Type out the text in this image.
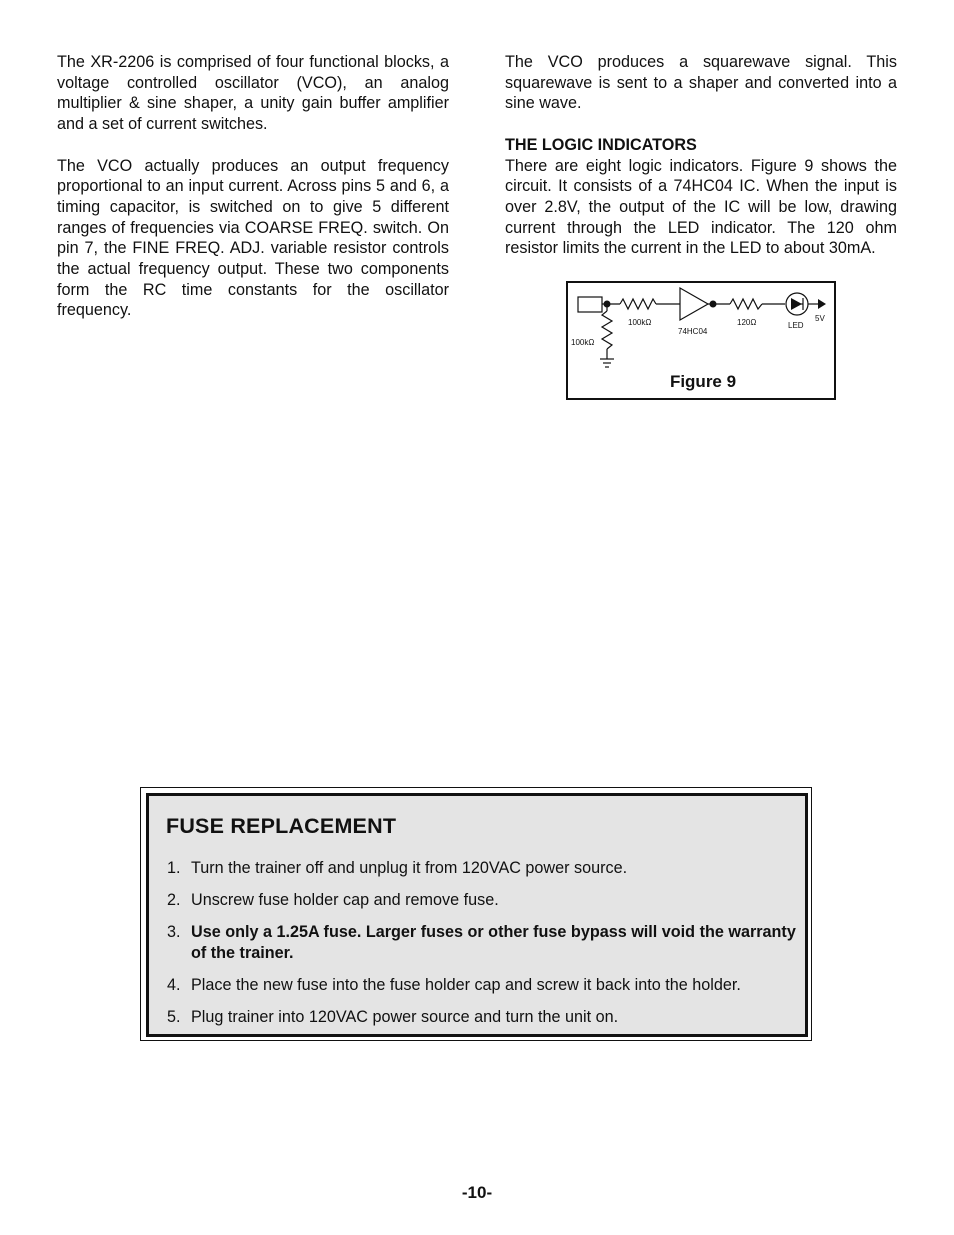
The XR-2206 is comprised of four functional blocks, a voltage controlled oscillator (VCO), an analog multiplier & sine shaper, a unity gain buffer amplifier and a set of current switches.

The VCO actually produces an output frequency proportional to an input current. Across pins 5 and 6, a timing capacitor, is switched on to give 5 different ranges of frequencies via COARSE FREQ. switch. On pin 7, the FINE FREQ. ADJ. variable resistor controls the actual frequency output. These two components form the RC time constants for the oscillator frequency.

The VCO produces a squarewave signal. This squarewave is sent to a shaper and converted into a sine wave.

THE LOGIC INDICATORS
There are eight logic indicators. Figure 9 shows the circuit. It consists of a 74HC04 IC. When the input is over 2.8V, the output of the IC will be low, drawing current through the LED indicator. The 120 ohm resistor limits the current in the LED to about 30mA.
100kΩ
100kΩ
74HC04
120Ω	LED
5V
Figure 9
FUSE REPLACEMENT
1. Turn the trainer off and unplug it from 120VAC power source.
2. Unscrew fuse holder cap and remove fuse.
3. Use only a 1.25A fuse. Larger fuses or other fuse bypass will void the warranty of the trainer.
4. Place the new fuse into the fuse holder cap and screw it back into the holder.
5. Plug trainer into 120VAC power source and turn the unit on.
-10-
